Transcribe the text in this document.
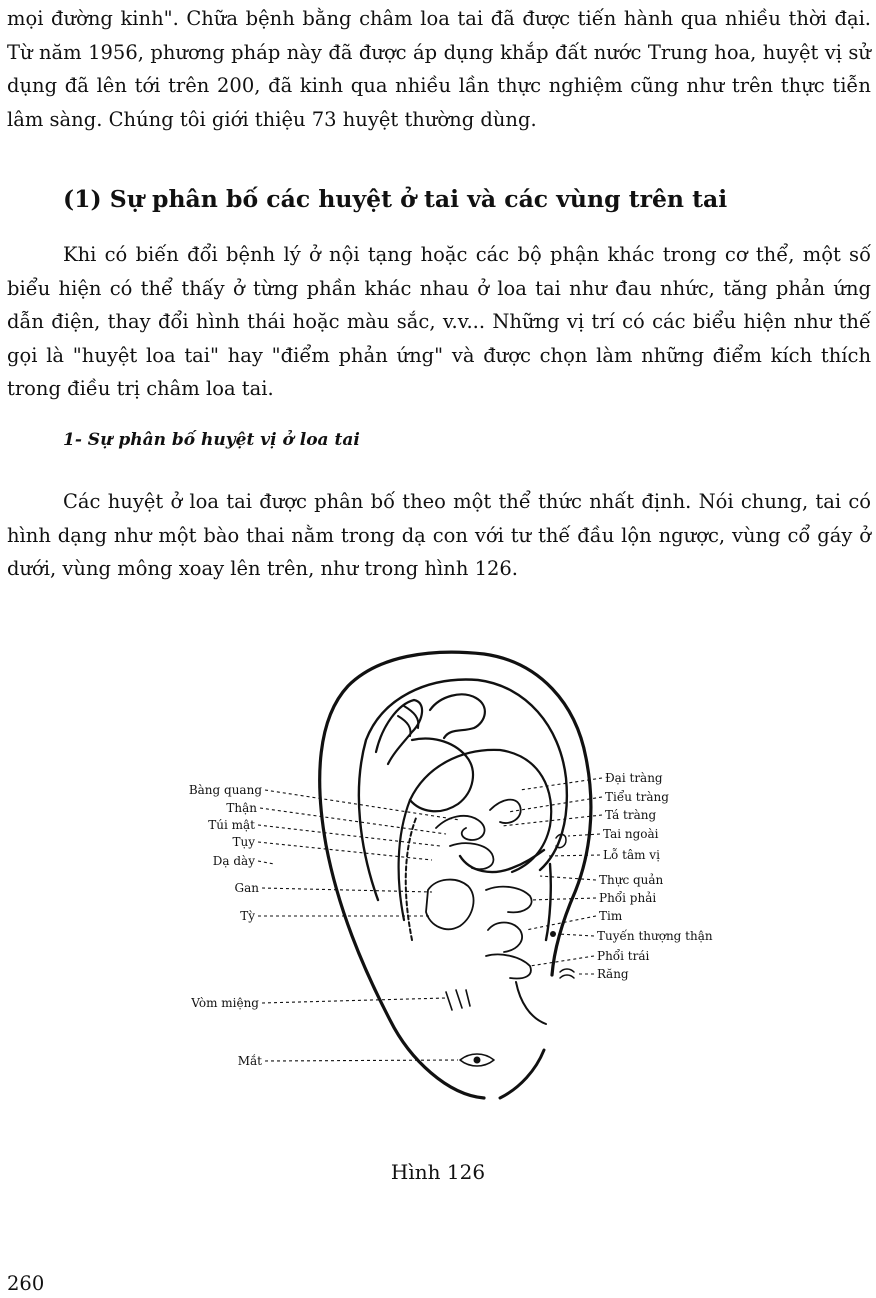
mọi đường kinh". Chữa bệnh bằng châm loa tai đã được tiến hành qua nhiều thời đại. Từ năm 1956, phương pháp này đã được áp dụng khắp đất nước Trung hoa, huyệt vị sử dụng đã lên tới trên 200, đã kinh qua nhiều lần thực nghiệm cũng như trên thực tiễn lâm sàng. Chúng tôi giới thiệu 73 huyệt thường dùng.

(1) Sự phân bố các huyệt ở tai và các vùng trên tai

Khi có biến đổi bệnh lý ở nội tạng hoặc các bộ phận khác trong cơ thể, một số biểu hiện có thể thấy ở từng phần khác nhau ở loa tai như đau nhức, tăng phản ứng dẫn điện, thay đổi hình thái hoặc màu sắc, v.v... Những vị trí có các biểu hiện như thế gọi là "huyệt loa tai" hay "điểm phản ứng" và được chọn làm những điểm kích thích trong điều trị châm loa tai.

1- Sự phân bố huyệt vị ở loa tai

Các huyệt ở loa tai được phân bố theo một thể thức nhất định. Nói chung, tai có hình dạng như một bào thai nằm trong dạ con với tư thế đầu lộn ngược, vùng cổ gáy ở dưới, vùng mông xoay lên trên, như trong hình 126.

Bàng quang
Thận
Túi mật
Tụy
Dạ dày
Gan
Tỳ
Vòm miệng
Mắt
Đại tràng
Tiểu tràng
Tá tràng
Tai ngoài
Lỗ tâm vị
Thực quản
Phổi phải
Tim
Tuyến thượng thận
Phổi trái
Răng

Hình 126

260
